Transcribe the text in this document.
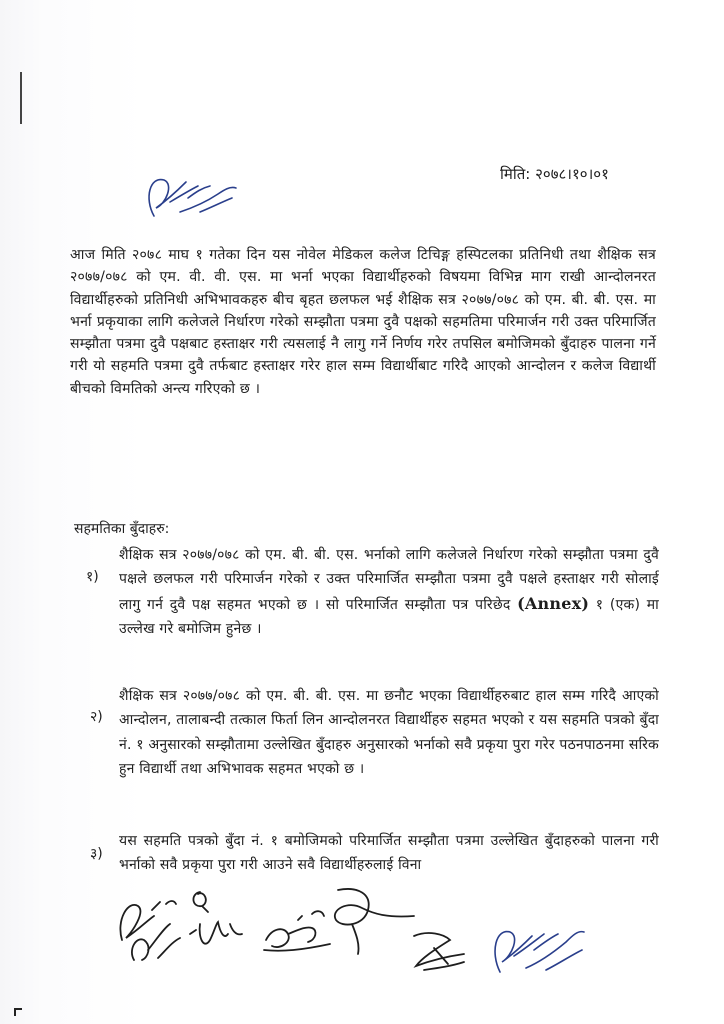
मिति: २०७८।१०।०१
आज मिति २०७८ माघ १ गतेका दिन यस नोवेल मेडिकल कलेज टिचिङ्ग हस्पिटलका प्रतिनिधी तथा शैक्षिक सत्र २०७७/०७८ को एम. वी. वी. एस. मा भर्ना भएका विद्यार्थीहरुको विषयमा विभिन्न माग राखी आन्दोलनरत विद्यार्थीहरुको प्रतिनिधी अभिभावकहरु बीच बृहत छलफल भई शैक्षिक सत्र २०७७/०७८ को एम. बी. बी. एस. मा भर्ना प्रकृयाका लागि कलेजले निर्धारण गरेको सम्झौता पत्रमा दुवै पक्षको सहमतिमा परिमार्जन गरी उक्त परिमार्जित सम्झौता पत्रमा दुवै पक्षबाट हस्ताक्षर गरी त्यसलाई नै लागु गर्ने निर्णय गरेर तपसिल बमोजिमको बुँदाहरु पालना गर्ने गरी यो सहमति पत्रमा दुवै तर्फबाट हस्ताक्षर गरेर हाल सम्म विद्यार्थीबाट गरिदै आएको आन्दोलन र कलेज विद्यार्थी बीचको विमतिको अन्त्य गरिएको छ ।
सहमतिका बुँदाहरु:
१)
शैक्षिक सत्र २०७७/०७८ को एम. बी. बी. एस. भर्नाको लागि कलेजले निर्धारण गरेको सम्झौता पत्रमा दुवै पक्षले छलफल गरी परिमार्जन गरेको र उक्त परिमार्जित सम्झौता पत्रमा दुवै पक्षले हस्ताक्षर गरी सोलाई लागु गर्न दुवै पक्ष सहमत भएको छ । सो परिमार्जित सम्झौता पत्र परिछेद (Annex) १ (एक) मा उल्लेख गरे बमोजिम हुनेछ ।
२)
शैक्षिक सत्र २०७७/०७८ को एम. बी. बी. एस. मा छनौट भएका विद्यार्थीहरुबाट हाल सम्म गरिदै आएको आन्दोलन, तालाबन्दी तत्काल फिर्ता लिन आन्दोलनरत विद्यार्थीहरु सहमत भएको र यस सहमति पत्रको बुँदा नं. १ अनुसारको सम्झौतामा उल्लेखित बुँदाहरु अनुसारको भर्नाको सवै प्रकृया पुरा गरेर पठनपाठनमा सरिक हुन विद्यार्थी तथा अभिभावक सहमत भएको छ ।
३)
यस सहमति पत्रको बुँदा नं. १ बमोजिमको परिमार्जित सम्झौता पत्रमा उल्लेखित बुँदाहरुको पालना गरी भर्नाको सवै प्रकृया पुरा गरी आउने सवै विद्यार्थीहरुलाई विना
